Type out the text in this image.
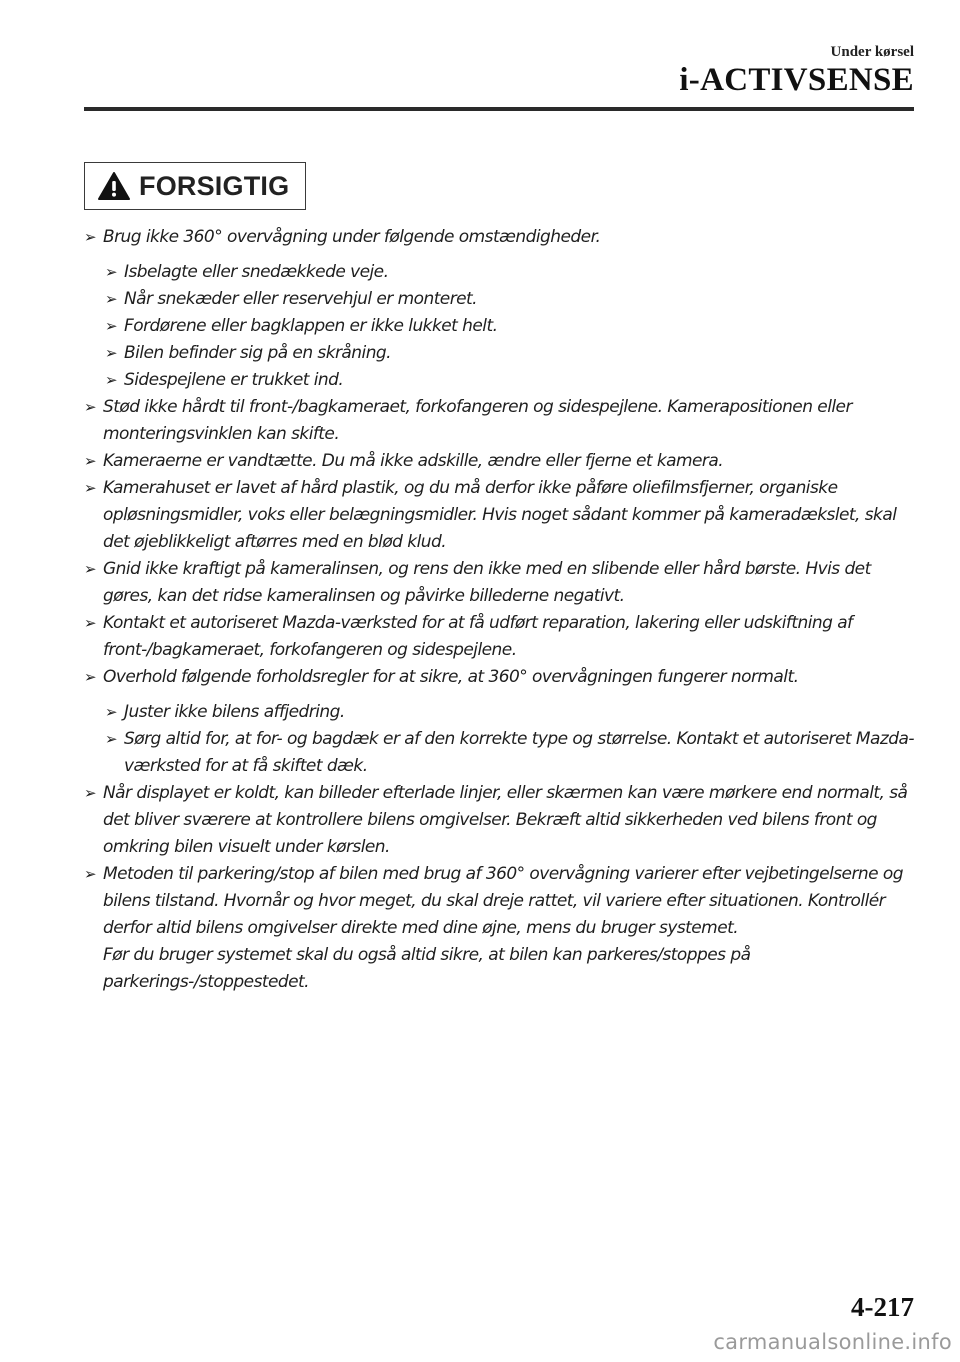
Under kørsel
i-ACTIVSENSE
FORSIGTIG
➢ Brug ikke 360° overvågning under følgende omstændigheder.
➢ Isbelagte eller snedækkede veje.
➢ Når snekæder eller reservehjul er monteret.
➢ Fordørene eller bagklappen er ikke lukket helt.
➢ Bilen befinder sig på en skråning.
➢ Sidespejlene er trukket ind.
➢ Stød ikke hårdt til front-/bagkameraet, forkofangeren og sidespejlene. Kamerapositionen eller monteringsvinklen kan skifte.
➢ Kameraerne er vandtætte. Du må ikke adskille, ændre eller fjerne et kamera.
➢ Kamerahuset er lavet af hård plastik, og du må derfor ikke påføre oliefilmsfjerner, organiske opløsningsmidler, voks eller belægningsmidler. Hvis noget sådant kommer på kameradækslet, skal det øjeblikkeligt aftørres med en blød klud.
➢ Gnid ikke kraftigt på kameralinsen, og rens den ikke med en slibende eller hård børste. Hvis det gøres, kan det ridse kameralinsen og påvirke billederne negativt.
➢ Kontakt et autoriseret Mazda-værksted for at få udført reparation, lakering eller udskiftning af front-/bagkameraet, forkofangeren og sidespejlene.
➢ Overhold følgende forholdsregler for at sikre, at 360° overvågningen fungerer normalt.
➢ Juster ikke bilens affjedring.
➢ Sørg altid for, at for- og bagdæk er af den korrekte type og størrelse. Kontakt et autoriseret Mazda-værksted for at få skiftet dæk.
➢ Når displayet er koldt, kan billeder efterlade linjer, eller skærmen kan være mørkere end normalt, så det bliver sværere at kontrollere bilens omgivelser. Bekræft altid sikkerheden ved bilens front og omkring bilen visuelt under kørslen.
➢ Metoden til parkering/stop af bilen med brug af 360° overvågning varierer efter vejbetingelserne og bilens tilstand. Hvornår og hvor meget, du skal dreje rattet, vil variere efter situationen. Kontrollér derfor altid bilens omgivelser direkte med dine øjne, mens du bruger systemet.
Før du bruger systemet skal du også altid sikre, at bilen kan parkeres/stoppes på parkerings-/stoppestedet.
4-217
carmanualsonline.info
